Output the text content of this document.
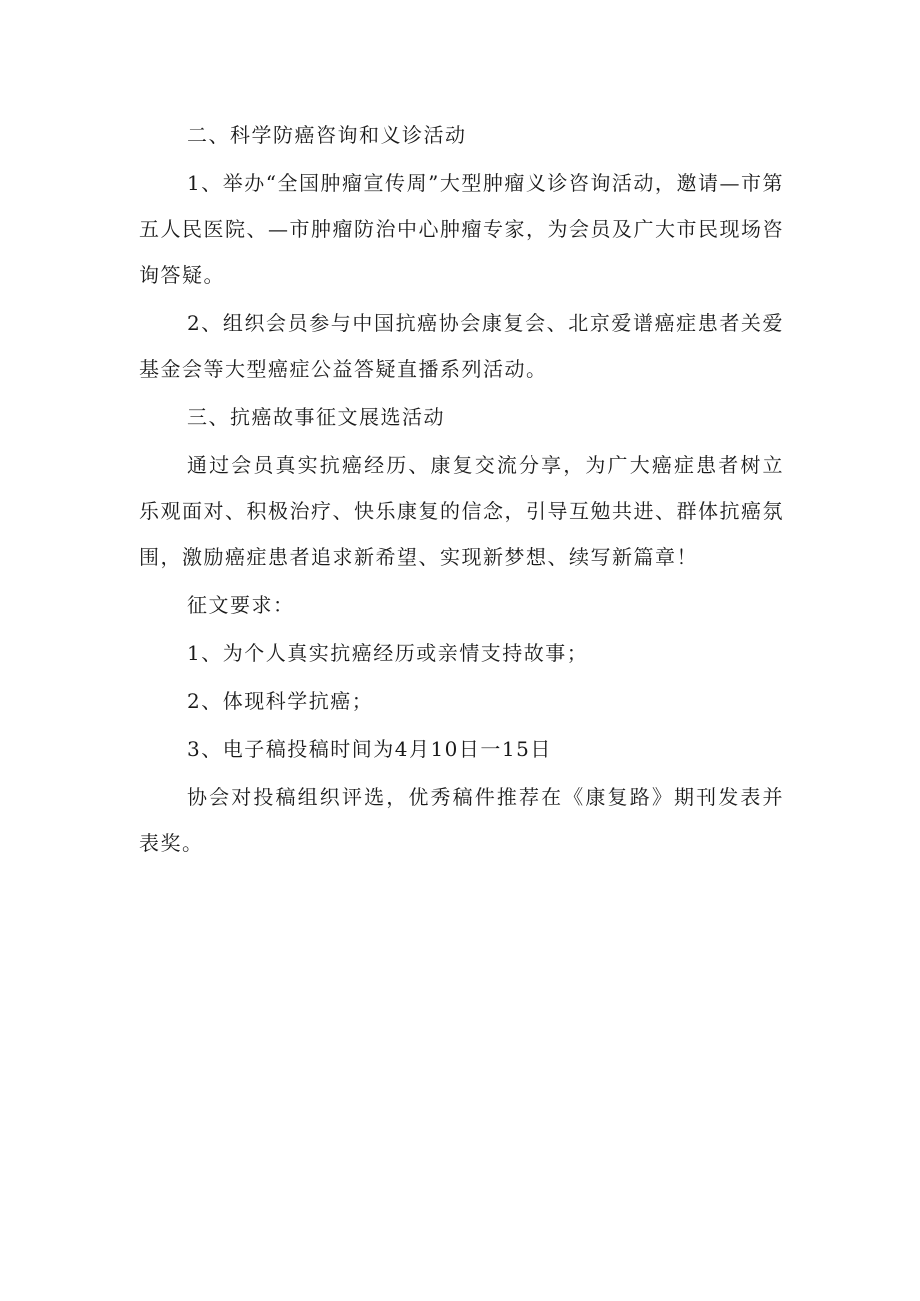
二、科学防癌咨询和义诊活动

1、举办“全国肿瘤宣传周”大型肿瘤义诊咨询活动，邀请—市第五人民医院、—市肿瘤防治中心肿瘤专家，为会员及广大市民现场咨询答疑。

2、组织会员参与中国抗癌协会康复会、北京爱谱癌症患者关爱基金会等大型癌症公益答疑直播系列活动。

三、抗癌故事征文展选活动

通过会员真实抗癌经历、康复交流分享，为广大癌症患者树立乐观面对、积极治疗、快乐康复的信念，引导互勉共进、群体抗癌氛围，激励癌症患者追求新希望、实现新梦想、续写新篇章！

征文要求：

1、为个人真实抗癌经历或亲情支持故事；

2、体现科学抗癌；

3、电子稿投稿时间为4月10日一15日

协会对投稿组织评选，优秀稿件推荐在《康复路》期刊发表并表奖。
